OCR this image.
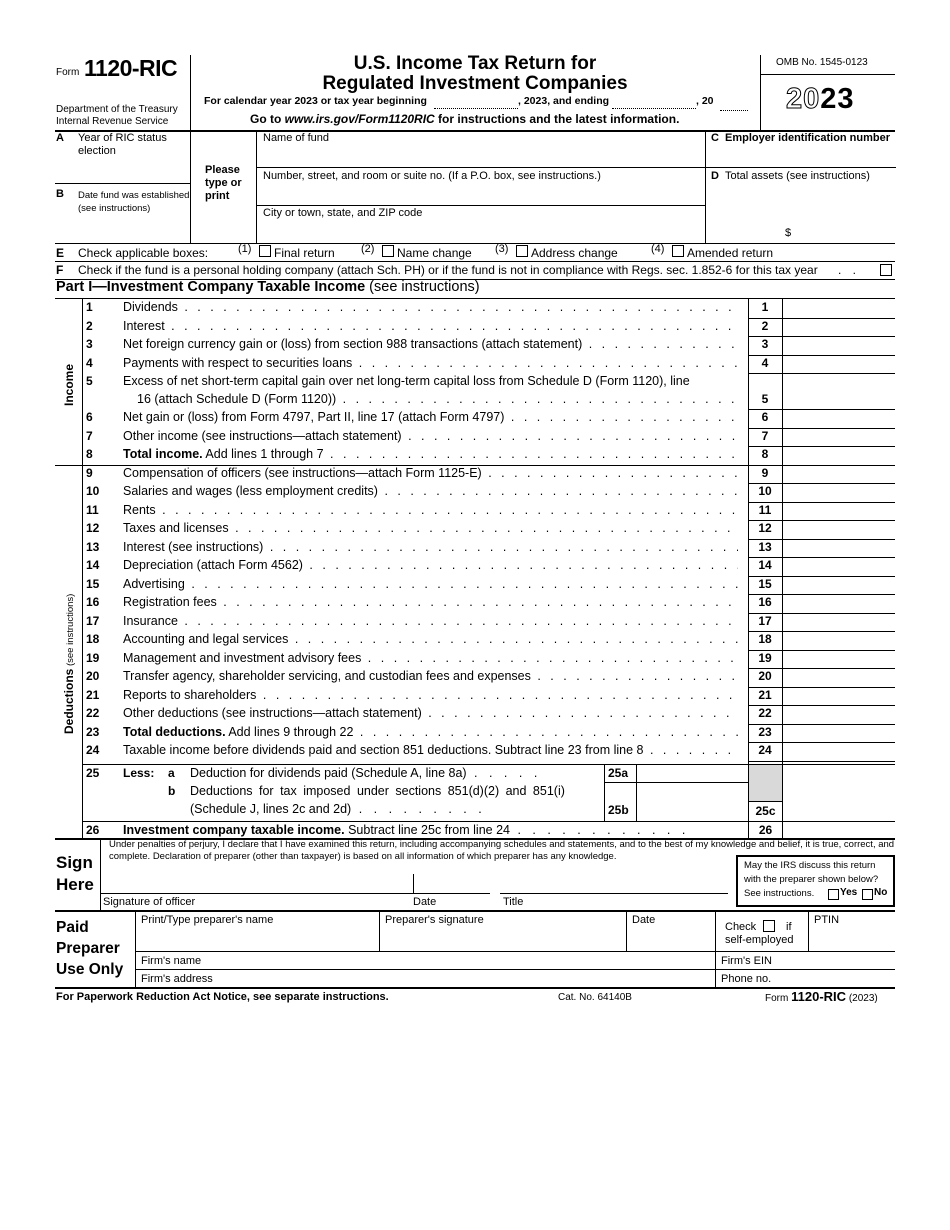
Form 1120-RIC
Department of the Treasury
Internal Revenue Service
U.S. Income Tax Return for
Regulated Investment Companies
For calendar year 2023 or tax year beginning	, 2023, and ending	, 20
Go to www.irs.gov/Form1120RIC for instructions and the latest information.
OMB No. 1545-0123
2023
A Year of RIC status election
B Date fund was established (see instructions)
Please type or print
Name of fund
Number, street, and room or suite no. (If a P.O. box, see instructions.)
City or town, state, and ZIP code
C Employer identification number
D Total assets (see instructions)
$
E Check applicable boxes:	(1) Final return (2) Name change (3) Address change	(4) Amended return
F Check if the fund is a personal holding company (attach Sch. PH) or if the fund is not in compliance with Regs. sec. 1.852-6 for this tax year . .
Part I—Investment Company Taxable Income (see instructions)
Income
Deductions (see instructions)
1	Dividends . . .	1
2	Interest . . .	2
3	Net foreign currency gain or (loss) from section 988 transactions (attach statement) . . .	3
4	Payments with respect to securities loans . . .	4
5	Excess of net short-term capital gain over net long-term capital loss from Schedule D (Form 1120), line
16 (attach Schedule D (Form 1120)) . . .	5
6	Net gain or (loss) from Form 4797, Part II, line 17 (attach Form 4797) . . .	6
7	Other income (see instructions—attach statement) . . .	7
8	Total income. Add lines 1 through 7 . . .	8
9	Compensation of officers (see instructions—attach Form 1125-E) . . .	9
10	Salaries and wages (less employment credits) . . .	10
11	Rents . . .	11
12	Taxes and licenses . . .	12
13	Interest (see instructions) . . .	13
14	Depreciation (attach Form 4562) . . .	14
15	Advertising . . .	15
16	Registration fees . . .	16
17	Insurance . . .	17
18	Accounting and legal services . . .	18
19	Management and investment advisory fees . . .	19
20	Transfer agency, shareholder servicing, and custodian fees and expenses . . .	20
21	Reports to shareholders . . .	21
22	Other deductions (see instructions—attach statement) . . .	22
23	Total deductions. Add lines 9 through 22 . . .	23
24	Taxable income before dividends paid and section 851 deductions. Subtract line 23 from line 8 . . .	24
25 Less: a Deduction for dividends paid (Schedule A, line 8a) . . . . .	25a
b Deductions for tax imposed under sections 851(d)(2) and 851(i)
(Schedule J, lines 2c and 2d) . . . . . . . . .	25b	25c
26 Investment company taxable income. Subtract line 25c from line 24 . . . . . . . . . . . .	26
Sign
Here
Under penalties of perjury, I declare that I have examined this return, including accompanying schedules and statements, and to the best of my knowledge and belief, it is true, correct, and complete. Declaration of preparer (other than taxpayer) is based on all information of which preparer has any knowledge.
Signature of officer	Date	Title
May the IRS discuss this return
with the preparer shown below?
See instructions.	Yes No
Paid
Preparer
Use Only
Print/Type preparer's name	Preparer's signature	Date
Check	if
self-employed
PTIN
Firm's name	Firm's EIN
Firm's address	Phone no.
For Paperwork Reduction Act Notice, see separate instructions.	Cat. No. 64140B	Form 1120-RIC (2023)
